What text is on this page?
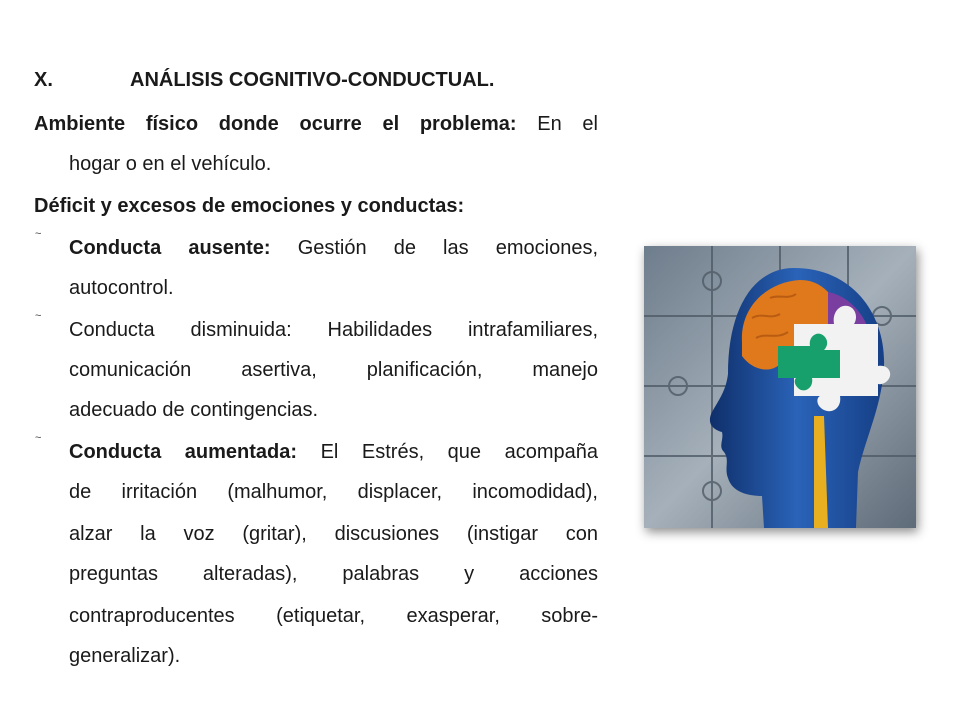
X.	ANÁLISIS COGNITIVO-CONDUCTUAL.

Ambiente físico donde ocurre el problema: En el

hogar o en el vehículo.

Déficit y excesos de emociones y conductas:

~

Conducta ausente: Gestión de las emociones,

autocontrol.

~

Conducta disminuida: Habilidades intrafamiliares,

comunicación asertiva, planificación, manejo

adecuado de contingencias.

~

Conducta aumentada: El Estrés, que acompaña

de irritación (malhumor, displacer, incomodidad),

alzar la voz (gritar), discusiones (instigar con

preguntas alteradas), palabras y acciones

contraproducentes (etiquetar, exasperar, sobre-

generalizar).
